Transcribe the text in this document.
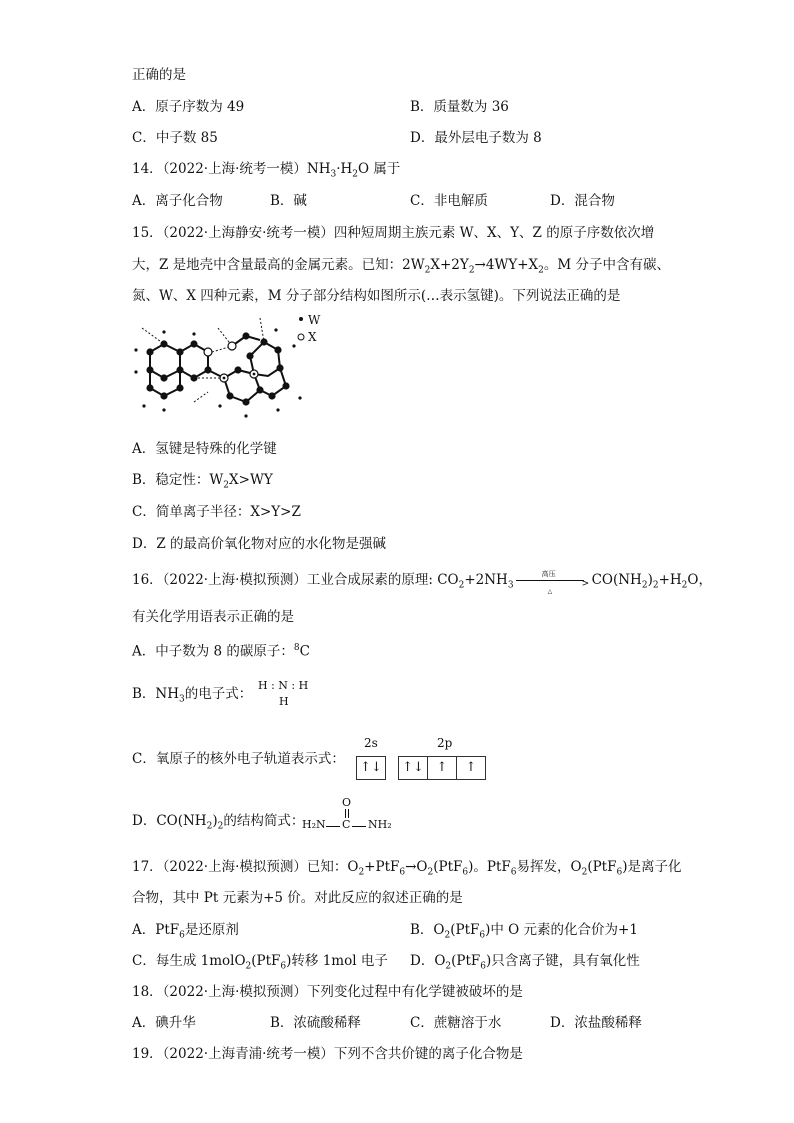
正确的是
A．原子序数为 49	B．质量数为 36
C．中子数 85	D．最外层电子数为 8
14．（2022·上海·统考一模）$NH_3\cdot H_2O$ 属于
A．离子化合物	B．碱	C．非电解质	D．混合物
15．（2022·上海静安·统考一模）四种短周期主族元素 W、X、Y、Z 的原子序数依次增
大，Z 是地壳中含量最高的金属元素。已知：$2W_2X+2Y_2\to 4WY+X_2$。M 分子中含有碳、
氮、W、X 四种元素，M 分子部分结构如图所示(…表示氢键)。下列说法正确的是
W
X
A．氢键是特殊的化学键
B．稳定性：$W_2X>WY$
C．简单离子半径：X>Y>Z
D．Z 的最高价氧化物对应的水化物是强碱
16．（2022·上海·模拟预测）工业合成尿素的原理: $CO_2+2NH_3$
高压
>
△
$CO(NH_2)_2+H_2O$，
有关化学用语表示正确的是
A．中子数为 8 的碳原子：$^8$C
B．$NH_3$的电子式：
H : N : H
H
2s	2p
C．氧原子的核外电子轨道表示式：
↑↓ ↑↓ ↑	↑
D．$CO(NH_2)_2$的结构简式：
O
H₂N C NH₂
17．（2022·上海·模拟预测）已知：$O_2+PtF_6\to O_2(PtF_6)$。PtF$_6$易挥发，$O_2(PtF_6)$是离子化
合物，其中 Pt 元素为+5 价。对此反应的叙述正确的是
A．PtF$_6$是还原剂	B．$O_2(PtF_6)$中 O 元素的化合价为+1
C．每生成 1molO$_2$(PtF$_6$)转移 1mol 电子 D．$O_2(PtF_6)$只含离子键，具有氧化性
18．（2022·上海·模拟预测）下列变化过程中有化学键被破坏的是
A．碘升华	B．浓硫酸稀释	C．蔗糖溶于水	D．浓盐酸稀释
19．（2022·上海青浦·统考一模）下列不含共价键的离子化合物是
